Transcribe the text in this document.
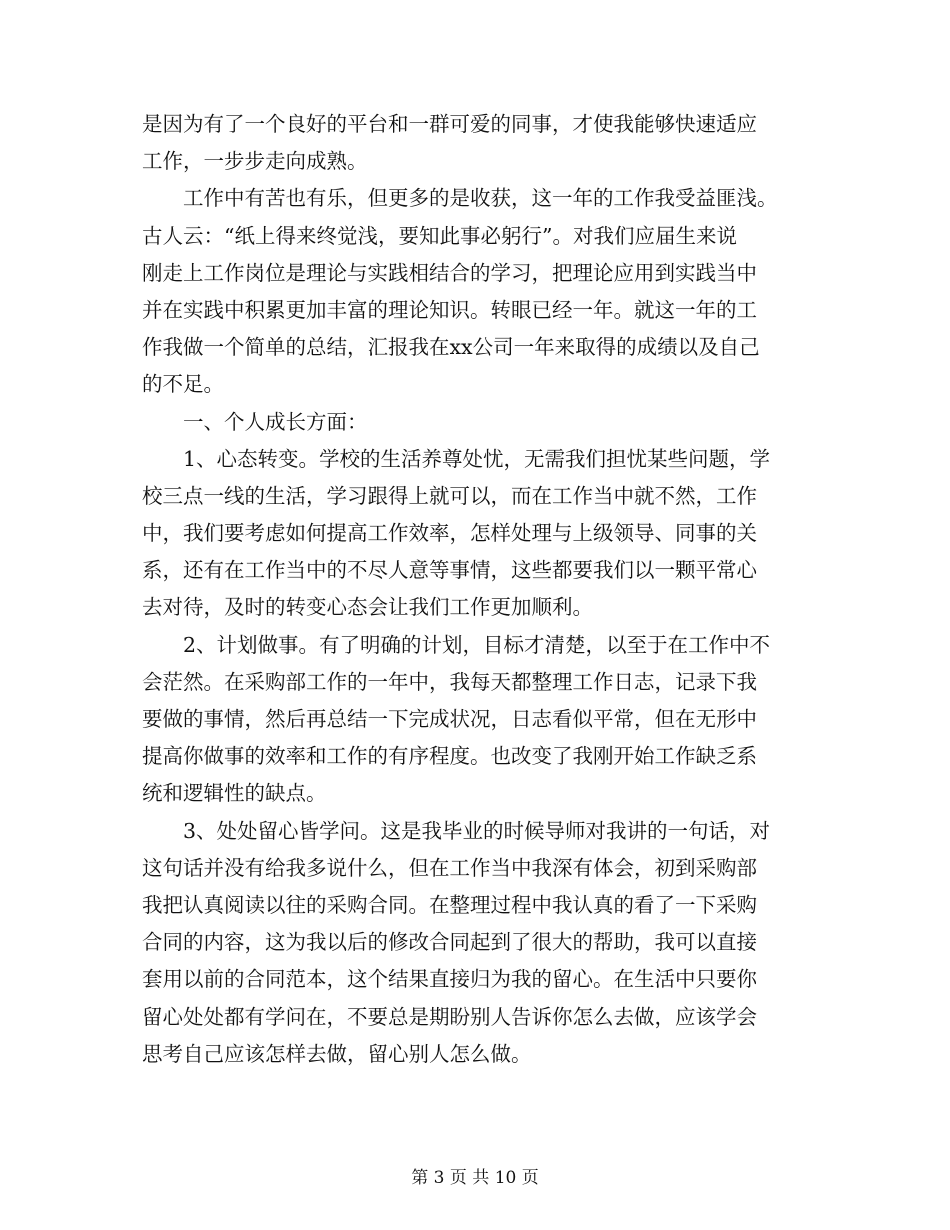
是因为有了一个良好的平台和一群可爱的同事，才使我能够快速适应
工作，一步步走向成熟。
　　工作中有苦也有乐，但更多的是收获，这一年的工作我受益匪浅。
古人云：“纸上得来终觉浅，要知此事必躬行”。对我们应届生来说
刚走上工作岗位是理论与实践相结合的学习，把理论应用到实践当中
并在实践中积累更加丰富的理论知识。转眼已经一年。就这一年的工
作我做一个简单的总结，汇报我在xx公司一年来取得的成绩以及自己
的不足。
　　一、个人成长方面：
　　1、心态转变。学校的生活养尊处忧，无需我们担忧某些问题，学
校三点一线的生活，学习跟得上就可以，而在工作当中就不然，工作
中，我们要考虑如何提高工作效率，怎样处理与上级领导、同事的关
系，还有在工作当中的不尽人意等事情，这些都要我们以一颗平常心
去对待，及时的转变心态会让我们工作更加顺利。
　　2、计划做事。有了明确的计划，目标才清楚，以至于在工作中不
会茫然。在采购部工作的一年中，我每天都整理工作日志，记录下我
要做的事情，然后再总结一下完成状况，日志看似平常，但在无形中
提高你做事的效率和工作的有序程度。也改变了我刚开始工作缺乏系
统和逻辑性的缺点。
　　3、处处留心皆学问。这是我毕业的时候导师对我讲的一句话，对
这句话并没有给我多说什么，但在工作当中我深有体会，初到采购部
我把认真阅读以往的采购合同。在整理过程中我认真的看了一下采购
合同的内容，这为我以后的修改合同起到了很大的帮助，我可以直接
套用以前的合同范本，这个结果直接归为我的留心。在生活中只要你
留心处处都有学问在，不要总是期盼别人告诉你怎么去做，应该学会
思考自己应该怎样去做，留心别人怎么做。
第 3 页 共 10 页
